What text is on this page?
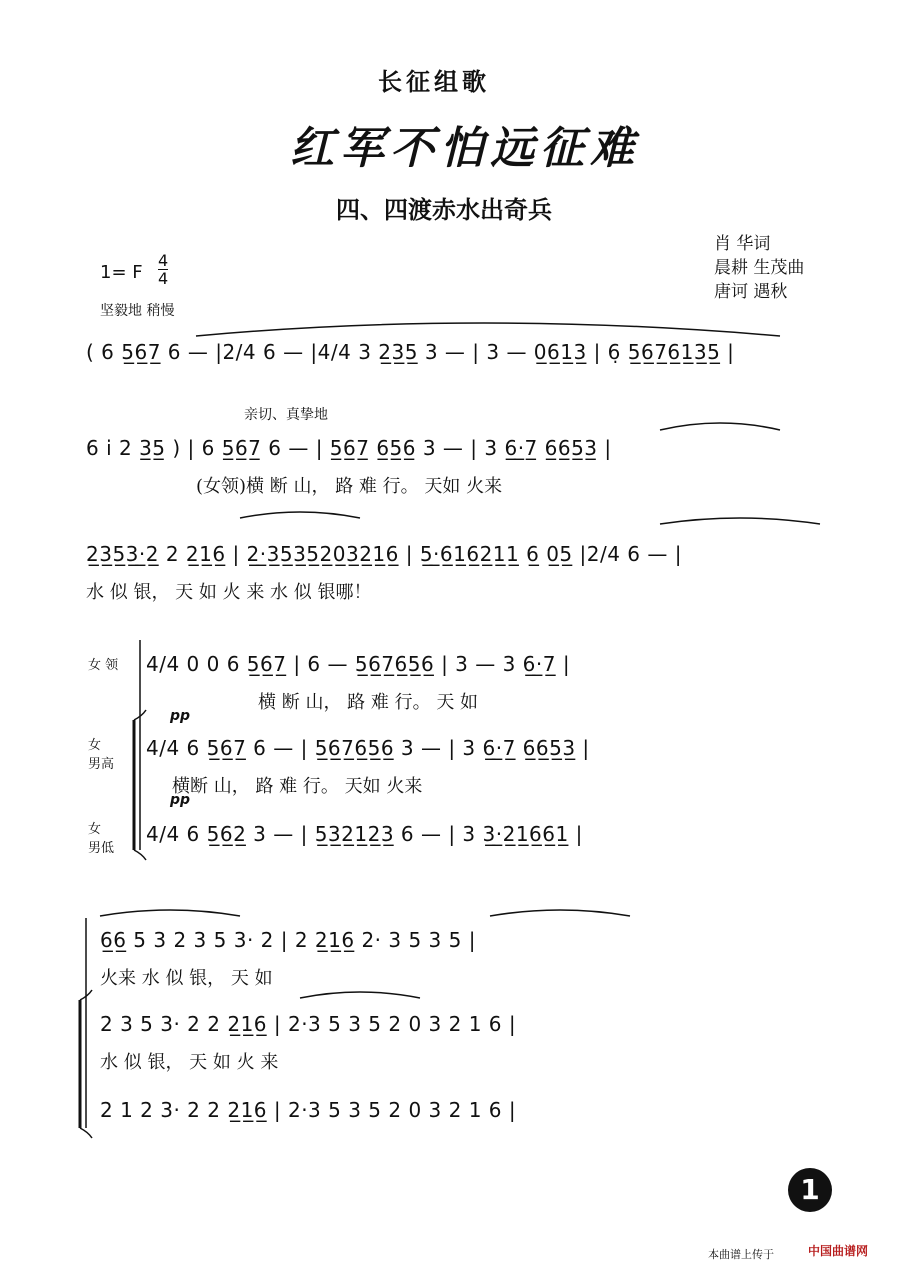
长征组歌
红军不怕远征难
四、四渡赤水出奇兵
肖 华词
晨耕 生茂曲
唐诃 遇秋
1= F $\frac{4}{4}$
坚毅地 稍慢
( 6 5̲6̲7̲ 6 — |2/4 6 — |4/4 3 2̲3̲5̲ 3 — | 3 — 0̲6̲1̲3̲ | 6̣ 5̲6̲7̲6̲1̲3̲5̲ |
亲切、真挚地
6 i 2 3̲5̲ ) | 6 5̲6̲7̲ 6 — | 5̲6̲7̲ 6̲5̲6̲ 3 — | 3 6̲·̲7̲ 6̲6̲5̲3̲ |
(女领)横 断 山， 路 难 行。 天如 火来
2̲3̲5̲3̲·̲2̲ 2 2̲1̲6̲ | 2̲·̲3̲5̲3̲5̲2̲0̲3̲2̲1̲6̲ | 5̲·̲6̲1̲6̲2̲1̲1̲ 6̲ 0̲5̲ |2/4 6 — |
水 似 银， 天 如 火 来 水 似 银哪！
女 领
女 男高
女 男低
pp
pp
4/4 0 0 6 5̲6̲7̲ | 6 — 5̲6̲7̲6̲5̲6̲ | 3 — 3 6̲·̲7̲ |
横 断 山， 路 难 行。 天 如
4/4 6 5̲6̲7̲ 6 — | 5̲6̲7̲6̲5̲6̲ 3 — | 3 6̲·̲7̲ 6̲6̲5̲3̲ |
横断 山， 路 难 行。 天如 火来
4/4 6 5̲6̲2̲ 3 — | 5̲3̲2̲1̲2̲3̲ 6 — | 3 3̲·̲2̲1̲6̲6̲1̲ |
6̲6̲ 5 3 2 3 5 3· 2 | 2 2̲1̲6̲ 2· 3 5 3 5 |
火来 水 似 银， 天 如
2 3 5 3· 2 2 2̲1̲6̲ | 2·3 5 3 5 2 0 3 2 1 6 |
水 似 银， 天 如 火 来
2 1 2 3· 2 2 2̲1̲6̲ | 2·3 5 3 5 2 0 3 2 1 6 |
1
本曲谱上传于	中国曲谱网
